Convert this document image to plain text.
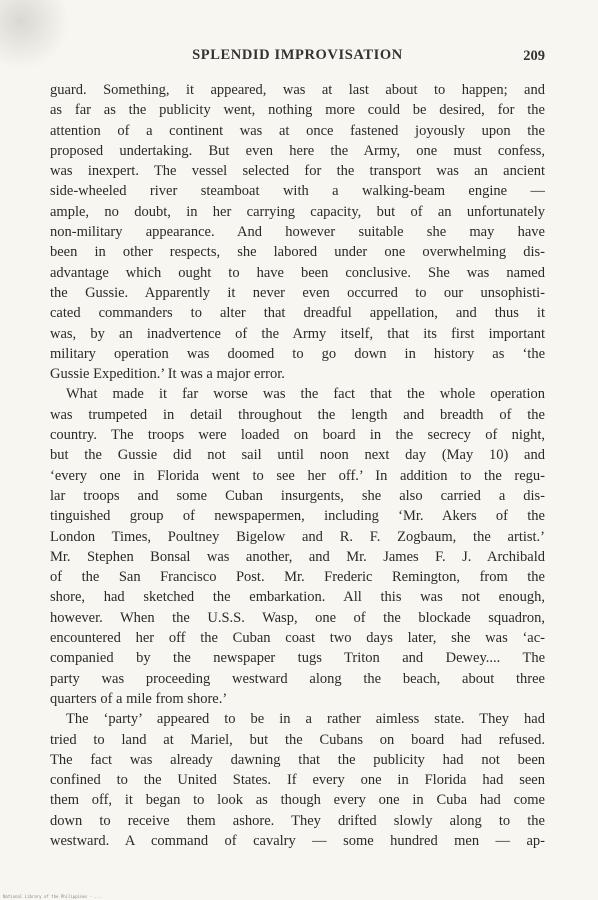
SPLENDID IMPROVISATION	209
guard. Something, it appeared, was at last about to happen; and
as far as the publicity went, nothing more could be desired, for the
attention of a continent was at once fastened joyously upon the
proposed undertaking. But even here the Army, one must confess,
was inexpert. The vessel selected for the transport was an ancient
side-wheeled river steamboat with a walking-beam engine —
ample, no doubt, in her carrying capacity, but of an unfortunately
non-military appearance. And however suitable she may have
been in other respects, she labored under one overwhelming dis-
advantage which ought to have been conclusive. She was named
the Gussie. Apparently it never even occurred to our unsophisti-
cated commanders to alter that dreadful appellation, and thus it
was, by an inadvertence of the Army itself, that its first important
military operation was doomed to go down in history as ‘the
Gussie Expedition.’ It was a major error.
What made it far worse was the fact that the whole operation
was trumpeted in detail throughout the length and breadth of the
country. The troops were loaded on board in the secrecy of night,
but the Gussie did not sail until noon next day (May 10) and
‘every one in Florida went to see her off.’ In addition to the regu-
lar troops and some Cuban insurgents, she also carried a dis-
tinguished group of newspapermen, including ‘Mr. Akers of the
London Times, Poultney Bigelow and R. F. Zogbaum, the artist.’
Mr. Stephen Bonsal was another, and Mr. James F. J. Archibald
of the San Francisco Post. Mr. Frederic Remington, from the
shore, had sketched the embarkation. All this was not enough,
however. When the U.S.S. Wasp, one of the blockade squadron,
encountered her off the Cuban coast two days later, she was ‘ac-
companied by the newspaper tugs Triton and Dewey.... The
party was proceeding westward along the beach, about three
quarters of a mile from shore.’
The ‘party’ appeared to be in a rather aimless state. They had
tried to land at Mariel, but the Cubans on board had refused.
The fact was already dawning that the publicity had not been
confined to the United States. If every one in Florida had seen
them off, it began to look as though every one in Cuba had come
down to receive them ashore. They drifted slowly along to the
westward. A command of cavalry — some hundred men — ap-
National Library of the Philippines · ...
